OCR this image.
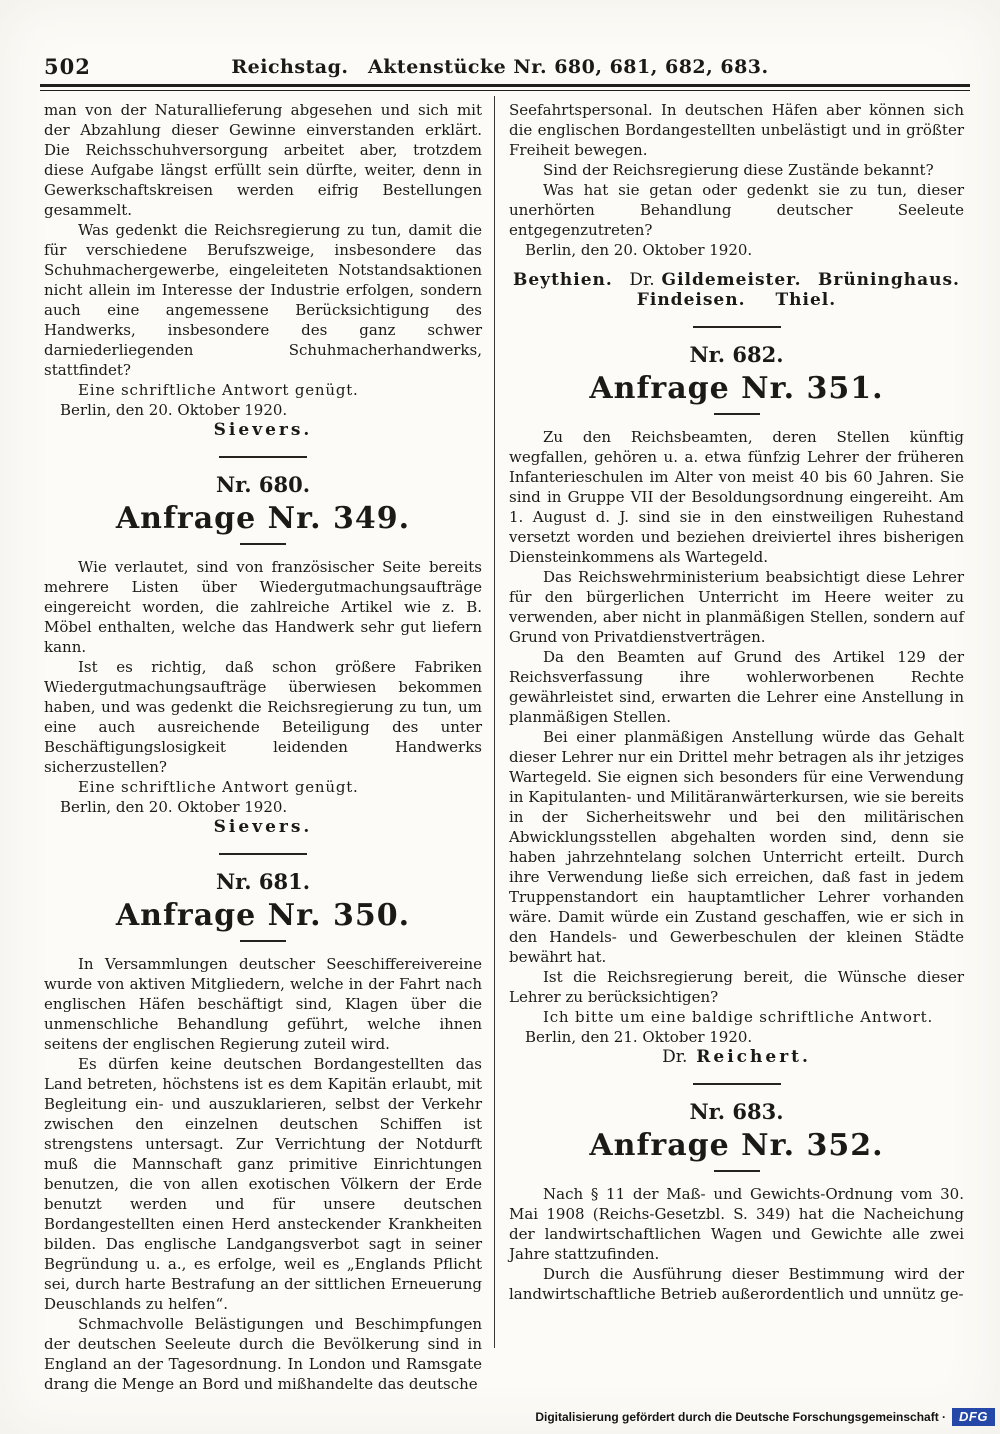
502	Reichstag. Aktenstücke Nr. 680, 681, 682, 683.

man von der Naturallieferung abgesehen und sich mit der Abzahlung dieser Gewinne einverstanden erklärt. Die Reichsschuhversorgung arbeitet aber, trotzdem diese Aufgabe längst erfüllt sein dürfte, weiter, denn in Gewerkschaftskreisen werden eifrig Bestellungen gesammelt.

Was gedenkt die Reichsregierung zu tun, damit die für verschiedene Berufszweige, insbesondere das Schuhmachergewerbe, eingeleiteten Notstandsaktionen nicht allein im Interesse der Industrie erfolgen, sondern auch eine angemessene Berücksichtigung des Handwerks, insbesondere des ganz schwer darniederliegenden Schuhmacherhandwerks, stattfindet?

Eine schriftliche Antwort genügt.

Berlin, den 20. Oktober 1920.

Sievers.

Nr. 680.

Anfrage Nr. 349.

Wie verlautet, sind von französischer Seite bereits mehrere Listen über Wiedergutmachungsaufträge eingereicht worden, die zahlreiche Artikel wie z. B. Möbel enthalten, welche das Handwerk sehr gut liefern kann.

Ist es richtig, daß schon größere Fabriken Wiedergutmachungsaufträge überwiesen bekommen haben, und was gedenkt die Reichsregierung zu tun, um eine auch ausreichende Beteiligung des unter Beschäftigungslosigkeit leidenden Handwerks sicherzustellen?

Eine schriftliche Antwort genügt.

Berlin, den 20. Oktober 1920.

Sievers.

Nr. 681.

Anfrage Nr. 350.

In Versammlungen deutscher Seeschiffereivereine wurde von aktiven Mitgliedern, welche in der Fahrt nach englischen Häfen beschäftigt sind, Klagen über die unmenschliche Behandlung geführt, welche ihnen seitens der englischen Regierung zuteil wird.

Es dürfen keine deutschen Bordangestellten das Land betreten, höchstens ist es dem Kapitän erlaubt, mit Begleitung ein- und auszuklarieren, selbst der Verkehr zwischen den einzelnen deutschen Schiffen ist strengstens untersagt. Zur Verrichtung der Notdurft muß die Mannschaft ganz primitive Einrichtungen benutzen, die von allen exotischen Völkern der Erde benutzt werden und für unsere deutschen Bordangestellten einen Herd ansteckender Krankheiten bilden. Das englische Landgangsverbot sagt in seiner Begründung u. a., es erfolge, weil es „Englands Pflicht sei, durch harte Bestrafung an der sittlichen Erneuerung Deuschlands zu helfen“.

Schmachvolle Belästigungen und Beschimpfungen der deutschen Seeleute durch die Bevölkerung sind in England an der Tagesordnung. In London und Ramsgate drang die Menge an Bord und mißhandelte das deutsche

Seefahrtspersonal. In deutschen Häfen aber können sich die englischen Bordangestellten unbelästigt und in größter Freiheit bewegen.

Sind der Reichsregierung diese Zustände bekannt?

Was hat sie getan oder gedenkt sie zu tun, dieser unerhörten Behandlung deutscher Seeleute entgegenzutreten?

Berlin, den 20. Oktober 1920.

Beythien. Dr. Gildemeister. Brüninghaus.
Findeisen. Thiel.

Nr. 682.

Anfrage Nr. 351.

Zu den Reichsbeamten, deren Stellen künftig wegfallen, gehören u. a. etwa fünfzig Lehrer der früheren Infanterieschulen im Alter von meist 40 bis 60 Jahren. Sie sind in Gruppe VII der Besoldungsordnung eingereiht. Am 1. August d. J. sind sie in den einstweiligen Ruhestand versetzt worden und beziehen dreiviertel ihres bisherigen Diensteinkommens als Wartegeld.

Das Reichswehrministerium beabsichtigt diese Lehrer für den bürgerlichen Unterricht im Heere weiter zu verwenden, aber nicht in planmäßigen Stellen, sondern auf Grund von Privatdienstverträgen.

Da den Beamten auf Grund des Artikel 129 der Reichsverfassung ihre wohlerworbenen Rechte gewährleistet sind, erwarten die Lehrer eine Anstellung in planmäßigen Stellen.

Bei einer planmäßigen Anstellung würde das Gehalt dieser Lehrer nur ein Drittel mehr betragen als ihr jetziges Wartegeld. Sie eignen sich besonders für eine Verwendung in Kapitulanten- und Militäranwärterkursen, wie sie bereits in der Sicherheitswehr und bei den militärischen Abwicklungsstellen abgehalten worden sind, denn sie haben jahrzehntelang solchen Unterricht erteilt. Durch ihre Verwendung ließe sich erreichen, daß fast in jedem Truppenstandort ein hauptamtlicher Lehrer vorhanden wäre. Damit würde ein Zustand geschaffen, wie er sich in den Handels- und Gewerbeschulen der kleinen Städte bewährt hat.

Ist die Reichsregierung bereit, die Wünsche dieser Lehrer zu berücksichtigen?

Ich bitte um eine baldige schriftliche Antwort.

Berlin, den 21. Oktober 1920.

Dr. Reichert.

Nr. 683.

Anfrage Nr. 352.

Nach § 11 der Maß- und Gewichts-Ordnung vom 30. Mai 1908 (Reichs-Gesetzbl. S. 349) hat die Nacheichung der landwirtschaftlichen Wagen und Gewichte alle zwei Jahre stattzufinden.

Durch die Ausführung dieser Bestimmung wird der landwirtschaftliche Betrieb außerordentlich und unnütz ge-

Digitalisierung gefördert durch die Deutsche Forschungsgemeinschaft ·	DFG
